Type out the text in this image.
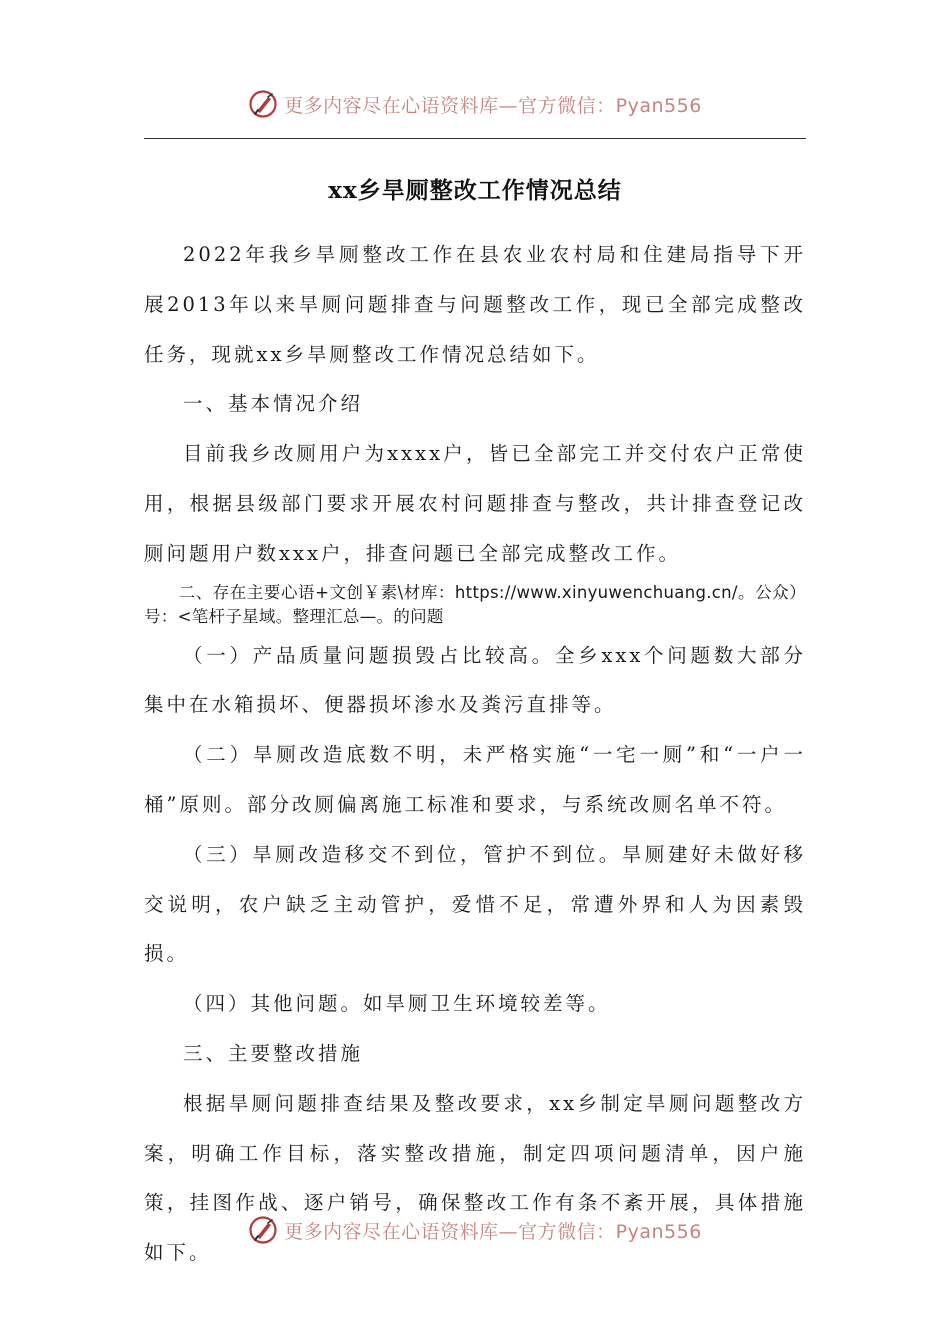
更多内容尽在心语资料库—官方微信：Pyan556
xx乡旱厕整改工作情况总结

2022年我乡旱厕整改工作在县农业农村局和住建局指导下开展2013年以来旱厕问题排查与问题整改工作，现已全部完成整改任务，现就xx乡旱厕整改工作情况总结如下。

一、基本情况介绍

目前我乡改厕用户为xxxx户，皆已全部完工并交付农户正常使用，根据县级部门要求开展农村问题排查与整改，共计排查登记改厕问题用户数xxx户，排查问题已全部完成整改工作。

二、存在主要心语+文创￥素\材库：https://www.xinyuwenchuang.cn/。公众）号：<笔杆子星域。整理汇总—。的问题

（一）产品质量问题损毁占比较高。全乡xxx个问题数大部分集中在水箱损坏、便器损坏渗水及粪污直排等。

（二）旱厕改造底数不明，未严格实施“一宅一厕”和“一户一桶”原则。部分改厕偏离施工标准和要求，与系统改厕名单不符。

（三）旱厕改造移交不到位，管护不到位。旱厕建好未做好移交说明，农户缺乏主动管护，爱惜不足，常遭外界和人为因素毁损。

（四）其他问题。如旱厕卫生环境较差等。

三、主要整改措施

根据旱厕问题排查结果及整改要求，xx乡制定旱厕问题整改方案，明确工作目标，落实整改措施，制定四项问题清单，因户施策，挂图作战、逐户销号，确保整改工作有条不紊开展，具体措施如下。

更多内容尽在心语资料库—官方微信：Pyan556
